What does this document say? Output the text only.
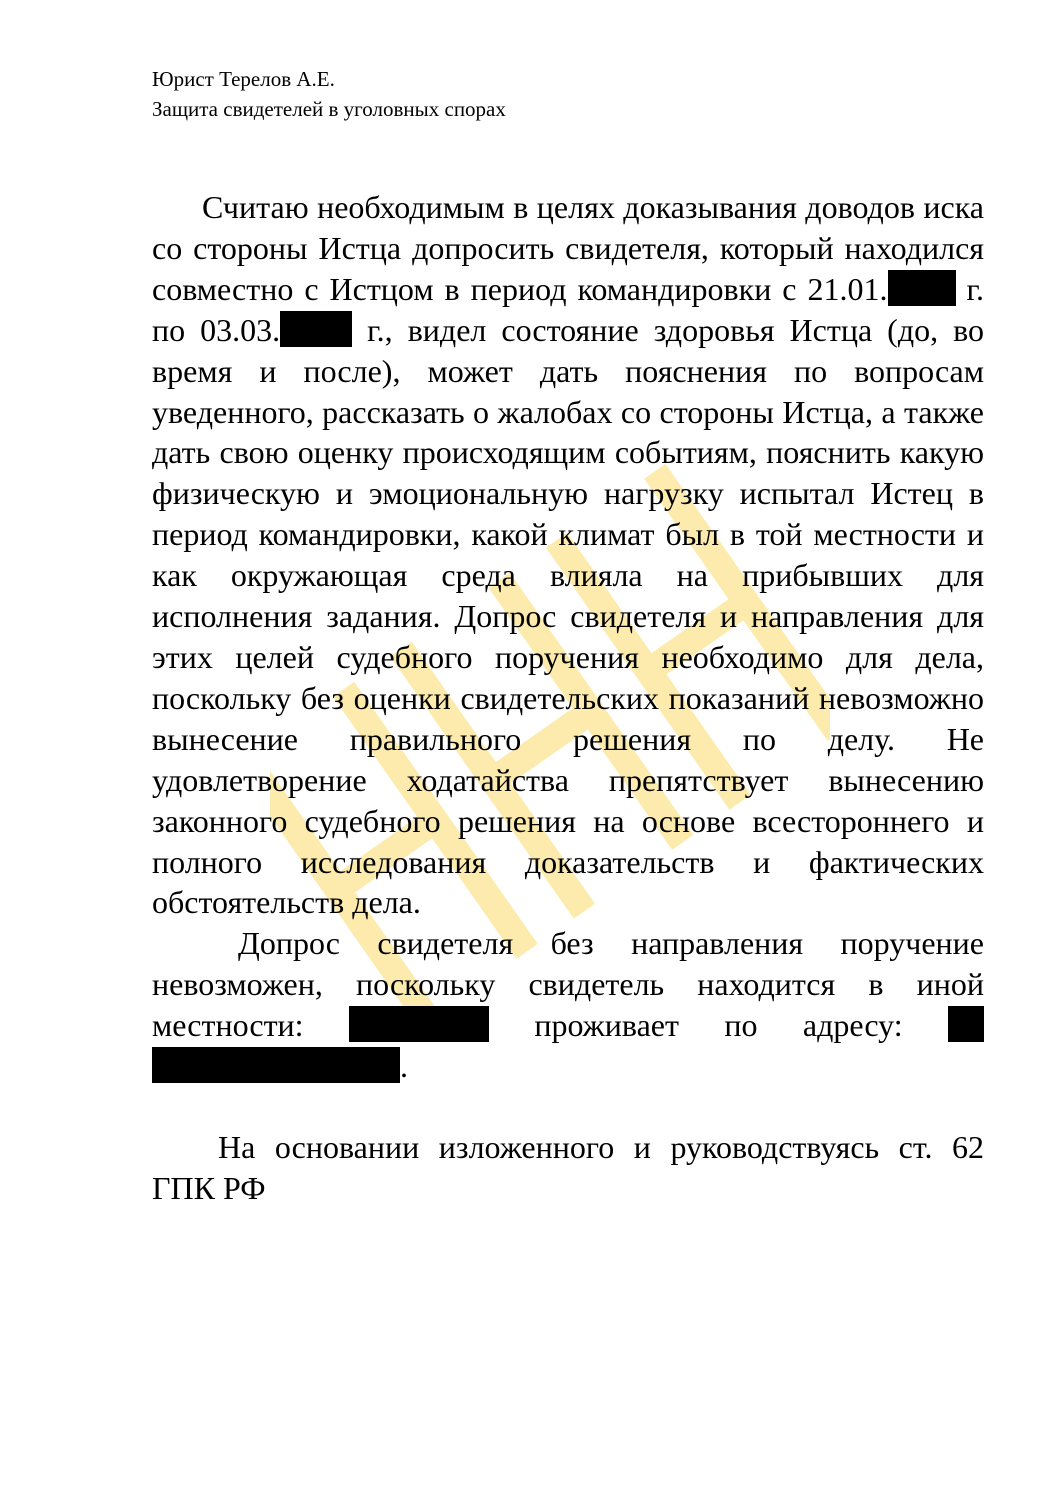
Юрист Терелов А.Е.
Защита свидетелей в уголовных спорах

Считаю необходимым в целях доказывания доводов иска со стороны Истца допросить свидетеля, который находился совместно с Истцом в период командировки с 21.01. г. по 03.03. г., видел состояние здоровья Истца (до, во время и после), может дать пояснения по вопросам уведенного, рассказать о жалобах со стороны Истца, а также дать свою оценку происходящим событиям, пояснить какую физическую и эмоциональную нагрузку испытал Истец в период командировки, какой климат был в той местности и как окружающая среда влияла на прибывших для исполнения задания. Допрос свидетеля и направления для этих целей судебного поручения необходимо для дела, поскольку без оценки свидетельских показаний невозможно вынесение правильного решения по делу. Не удовлетворение ходатайства препятствует вынесению законного судебного решения на основе всестороннего и полного исследования доказательств и фактических обстоятельств дела.

Допрос свидетеля без направления поручение невозможен, поскольку свидетель находится в иной местности:	проживает по адресу:  .

На основании изложенного и руководствуясь ст. 62 ГПК РФ
